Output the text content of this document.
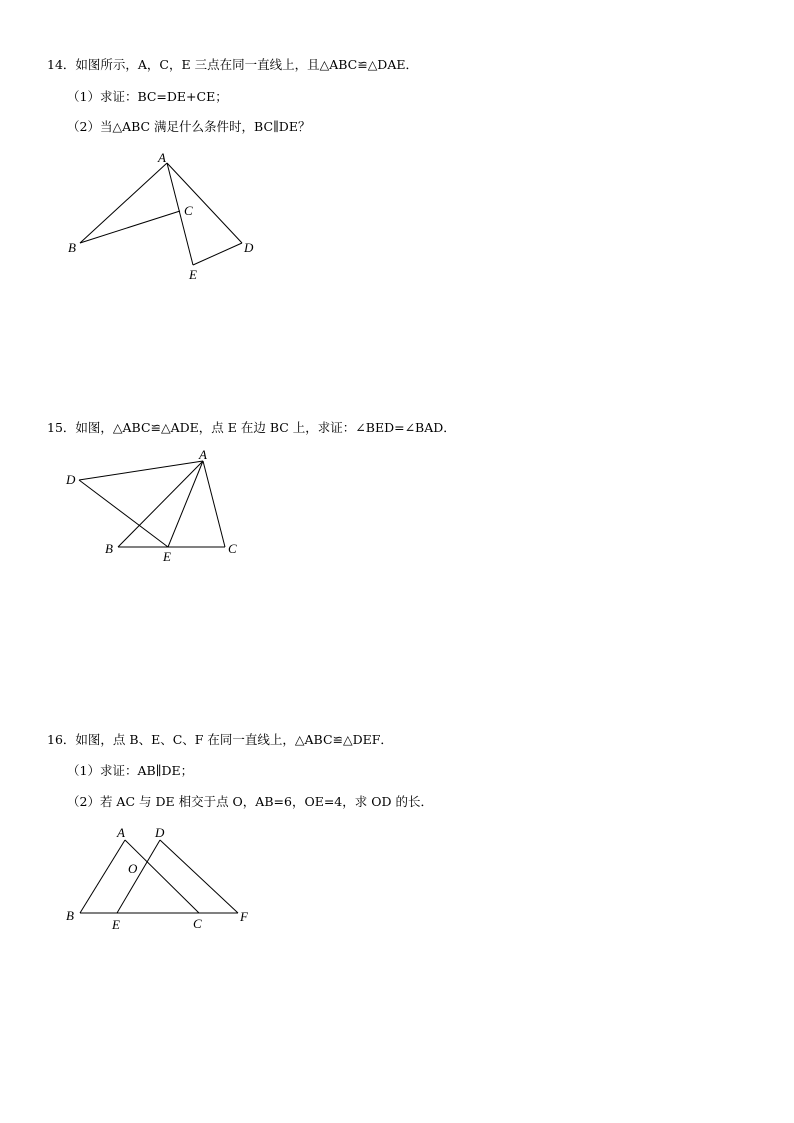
14．如图所示，A，C，E 三点在同一直线上，且△ABC≌△DAE．
（1）求证：BC=DE+CE；
（2）当△ABC 满足什么条件时，BC∥DE？
A
B
C
D
E
15．如图，△ABC≌△ADE，点 E 在边 BC 上，求证：∠BED=∠BAD．
A
D
B
E
C
16．如图，点 B、E、C、F 在同一直线上，△ABC≌△DEF．
（1）求证：AB∥DE；
（2）若 AC 与 DE 相交于点 O，AB=6，OE=4，求 OD 的长．
A D
O
B
E	C	F
